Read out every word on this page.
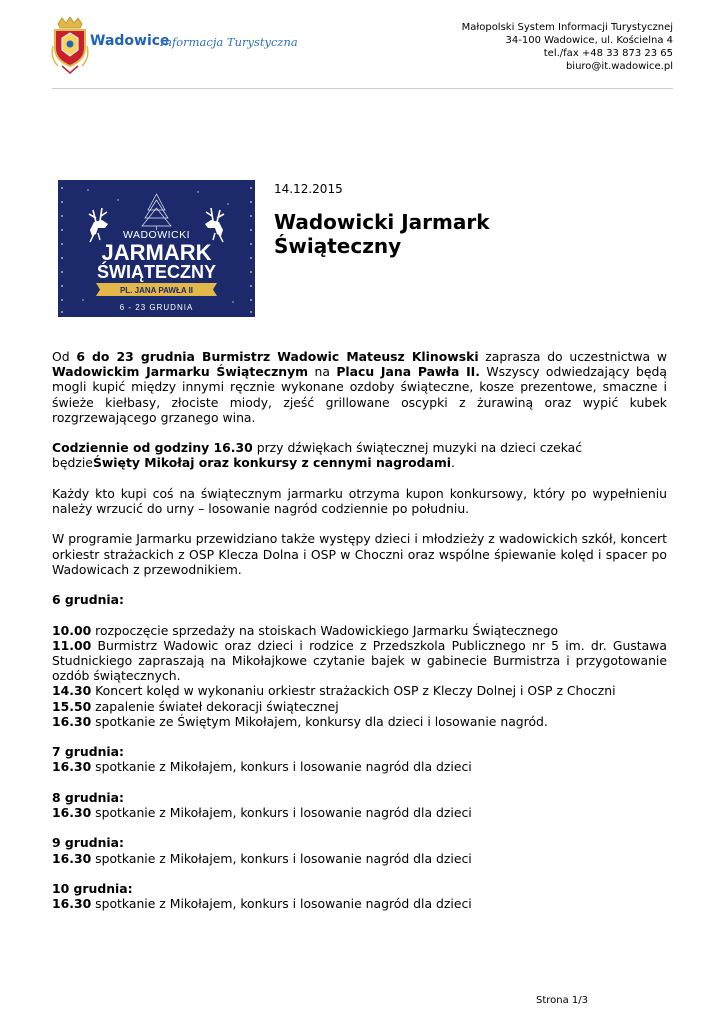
Wadowice
Informacja Turystyczna
Małopolski System Informacji Turystycznej
34-100 Wadowice, ul. Kościelna 4
tel./fax +48 33 873 23 65
biuro@it.wadowice.pl
WADOWICKI
JARMARK
ŚWIĄTECZNY
PL. JANA PAWŁA II
6 - 23 GRUDNIA
14.12.2015
Wadowicki Jarmark
Świąteczny

Od 6 do 23 grudnia Burmistrz Wadowic Mateusz Klinowski zaprasza do uczestnictwa w Wadowickim Jarmarku Świątecznym na Placu Jana Pawła II. Wszyscy odwiedzający będą mogli kupić między innymi ręcznie wykonane ozdoby świąteczne, kosze prezentowe, smaczne i świeże kiełbasy, złociste miody, zjeść grillowane oscypki z żurawiną oraz wypić kubek rozgrzewającego grzanego wina.

Codziennie od godziny 16.30 przy dźwiękach świątecznej muzyki na dzieci czekać będzieŚwięty Mikołaj oraz konkursy z cennymi nagrodami.

Każdy kto kupi coś na świątecznym jarmarku otrzyma kupon konkursowy, który po wypełnieniu należy wrzucić do urny – losowanie nagród codziennie po południu.

W programie Jarmarku przewidziano także występy dzieci i młodzieży z wadowickich szkół, koncert orkiestr strażackich z OSP Klecza Dolna i OSP w Choczni oraz wspólne śpiewanie kolęd i spacer po Wadowicach z przewodnikiem.

6 grudnia:

10.00 rozpoczęcie sprzedaży na stoiskach Wadowickiego Jarmarku Świątecznego
11.00 Burmistrz Wadowic oraz dzieci i rodzice z Przedszkola Publicznego nr 5 im. dr. Gustawa Studnickiego zapraszają na Mikołajkowe czytanie bajek w gabinecie Burmistrza i przygotowanie ozdób świątecznych.
14.30 Koncert kolęd w wykonaniu orkiestr strażackich OSP z Kleczy Dolnej i OSP z Choczni
15.50 zapalenie świateł dekoracji świątecznej
16.30 spotkanie ze Świętym Mikołajem, konkursy dla dzieci i losowanie nagród.

7 grudnia:
16.30 spotkanie z Mikołajem, konkurs i losowanie nagród dla dzieci

8 grudnia:
16.30 spotkanie z Mikołajem, konkurs i losowanie nagród dla dzieci

9 grudnia:
16.30 spotkanie z Mikołajem, konkurs i losowanie nagród dla dzieci

10 grudnia:
16.30 spotkanie z Mikołajem, konkurs i losowanie nagród dla dzieci

Strona 1/3
